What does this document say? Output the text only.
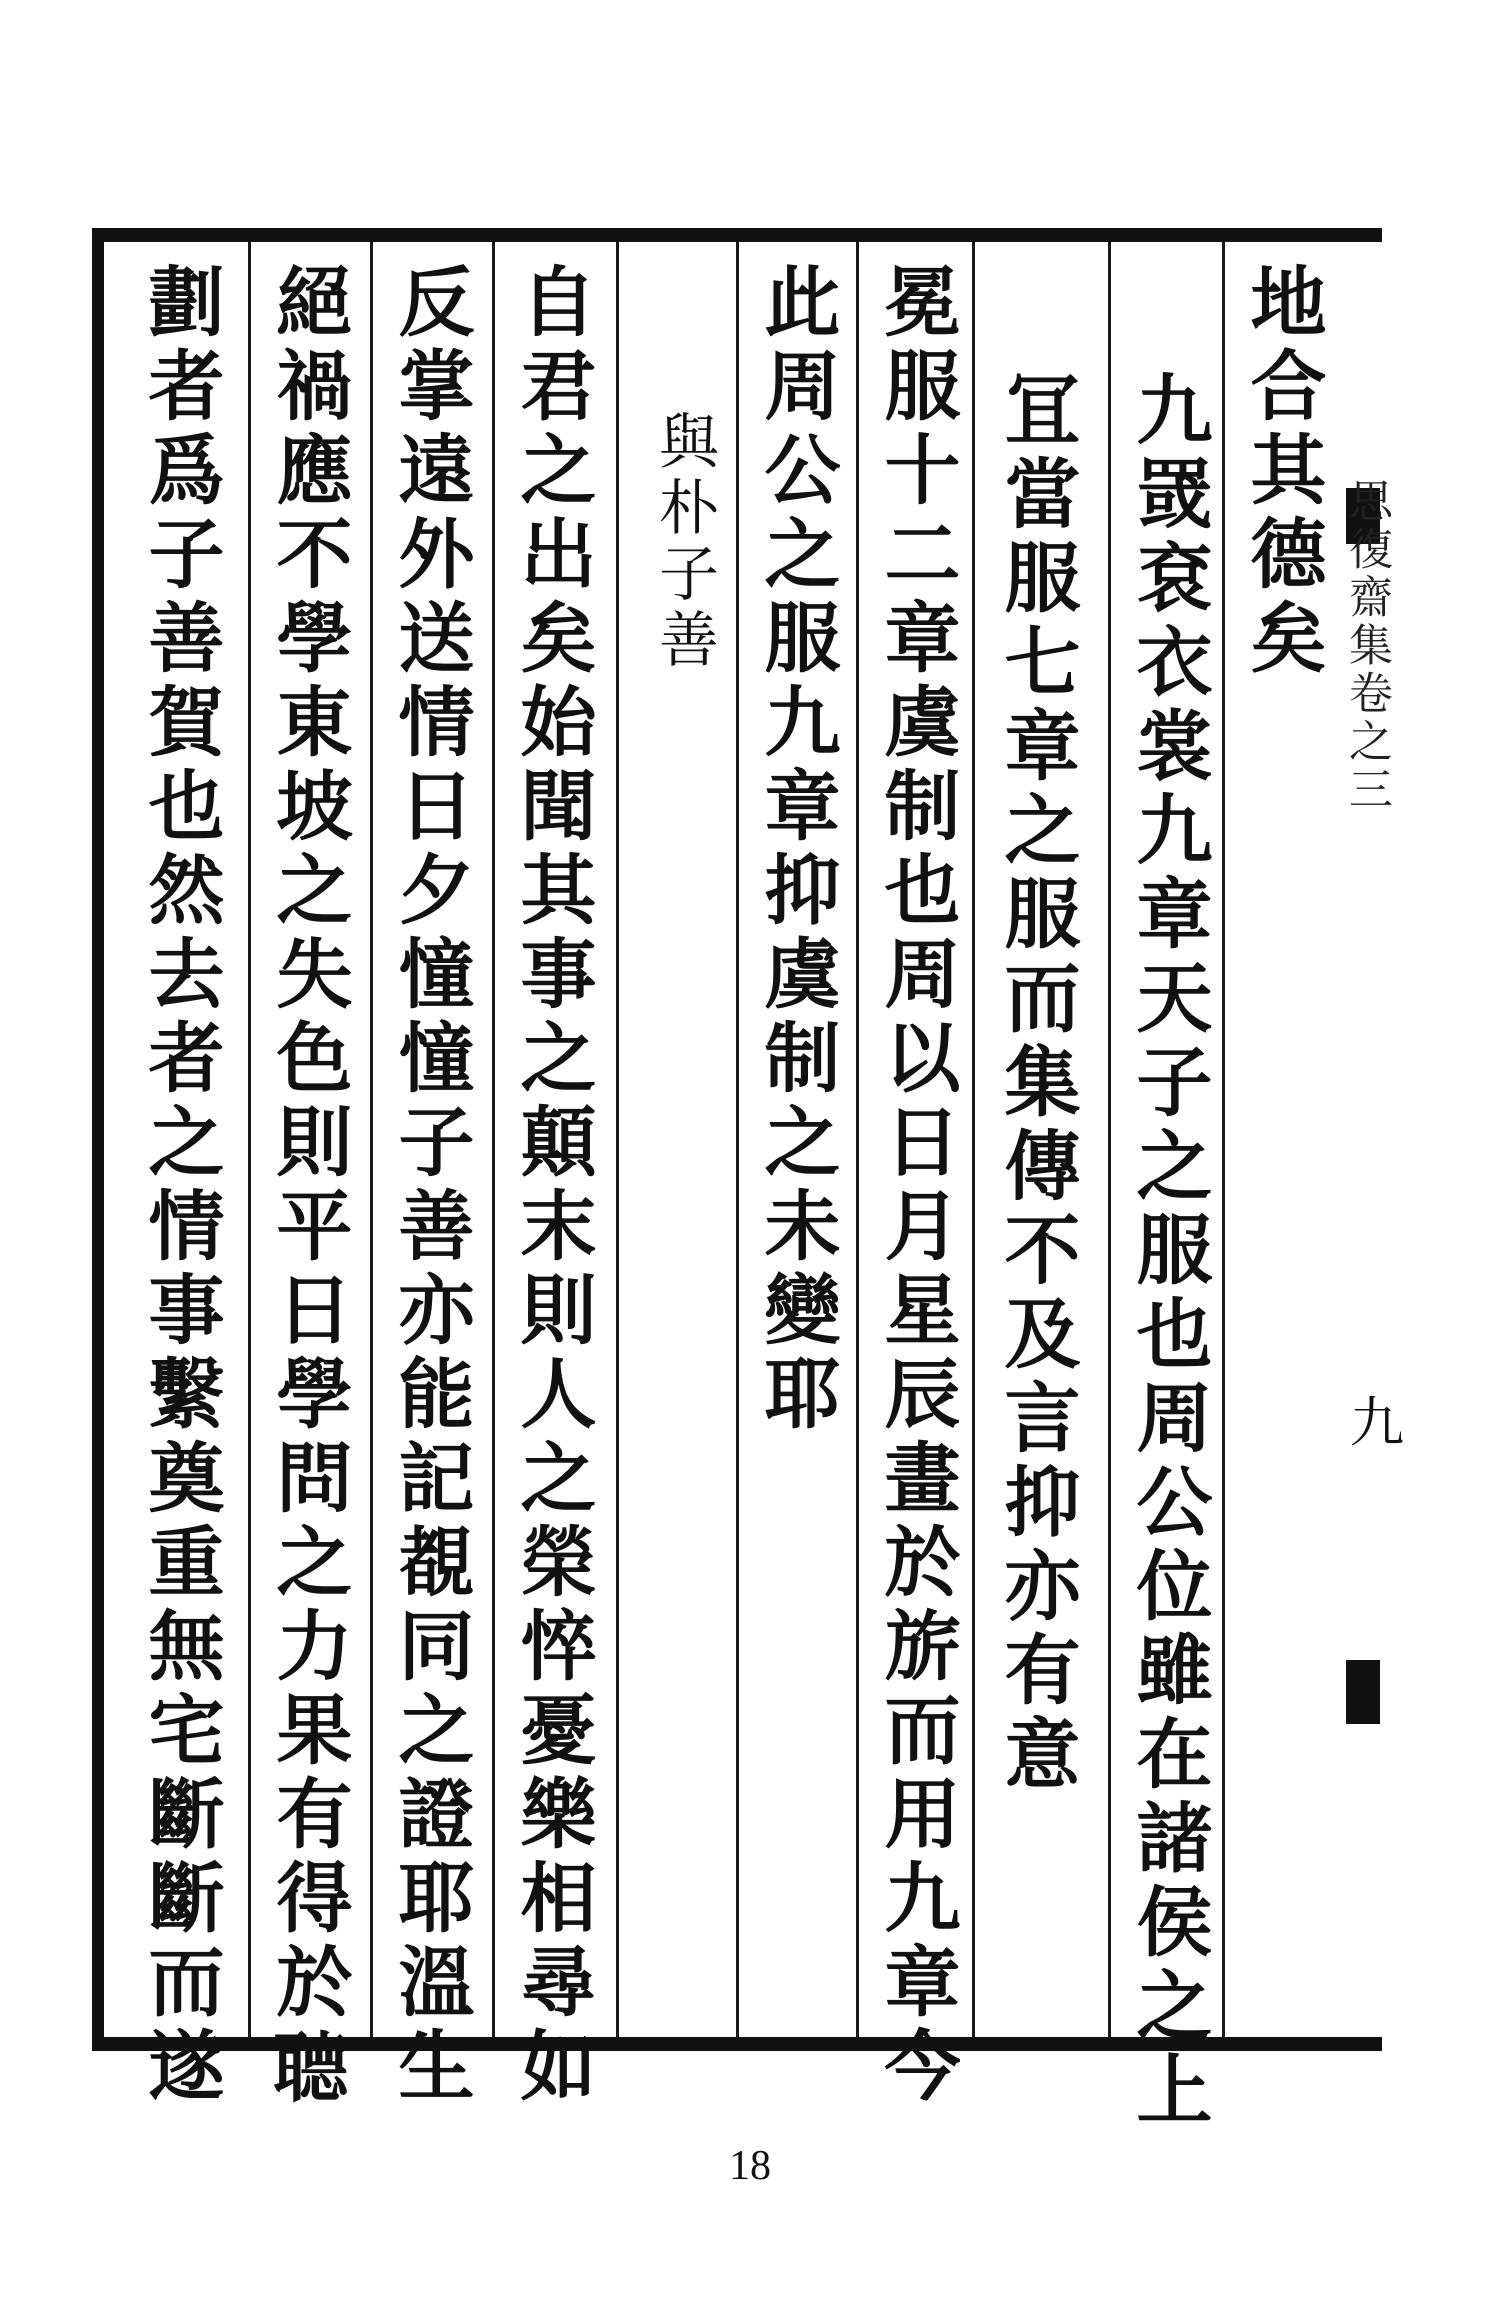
思復齋集卷之三
九
地合其德矣
九罭袞衣裳九章天子之服也周公位雖在諸侯之上
冝當服七章之服而集傳不及言抑亦有意
冕服十二章虞制也周以日月星辰畫於旂而用九章今
此周公之服九章抑虞制之未變耶
與朴子善
自君之出矣始聞其事之顛末則人之榮悴憂樂相尋如
反掌遠外送情日夕憧憧子善亦能記覩同之證耶溫生
絕禍應不學東坡之失色則平日學問之力果有得於𦗟
劃者爲子善賀也然去者之情事繫奠重無宅斷斷而遂
18
